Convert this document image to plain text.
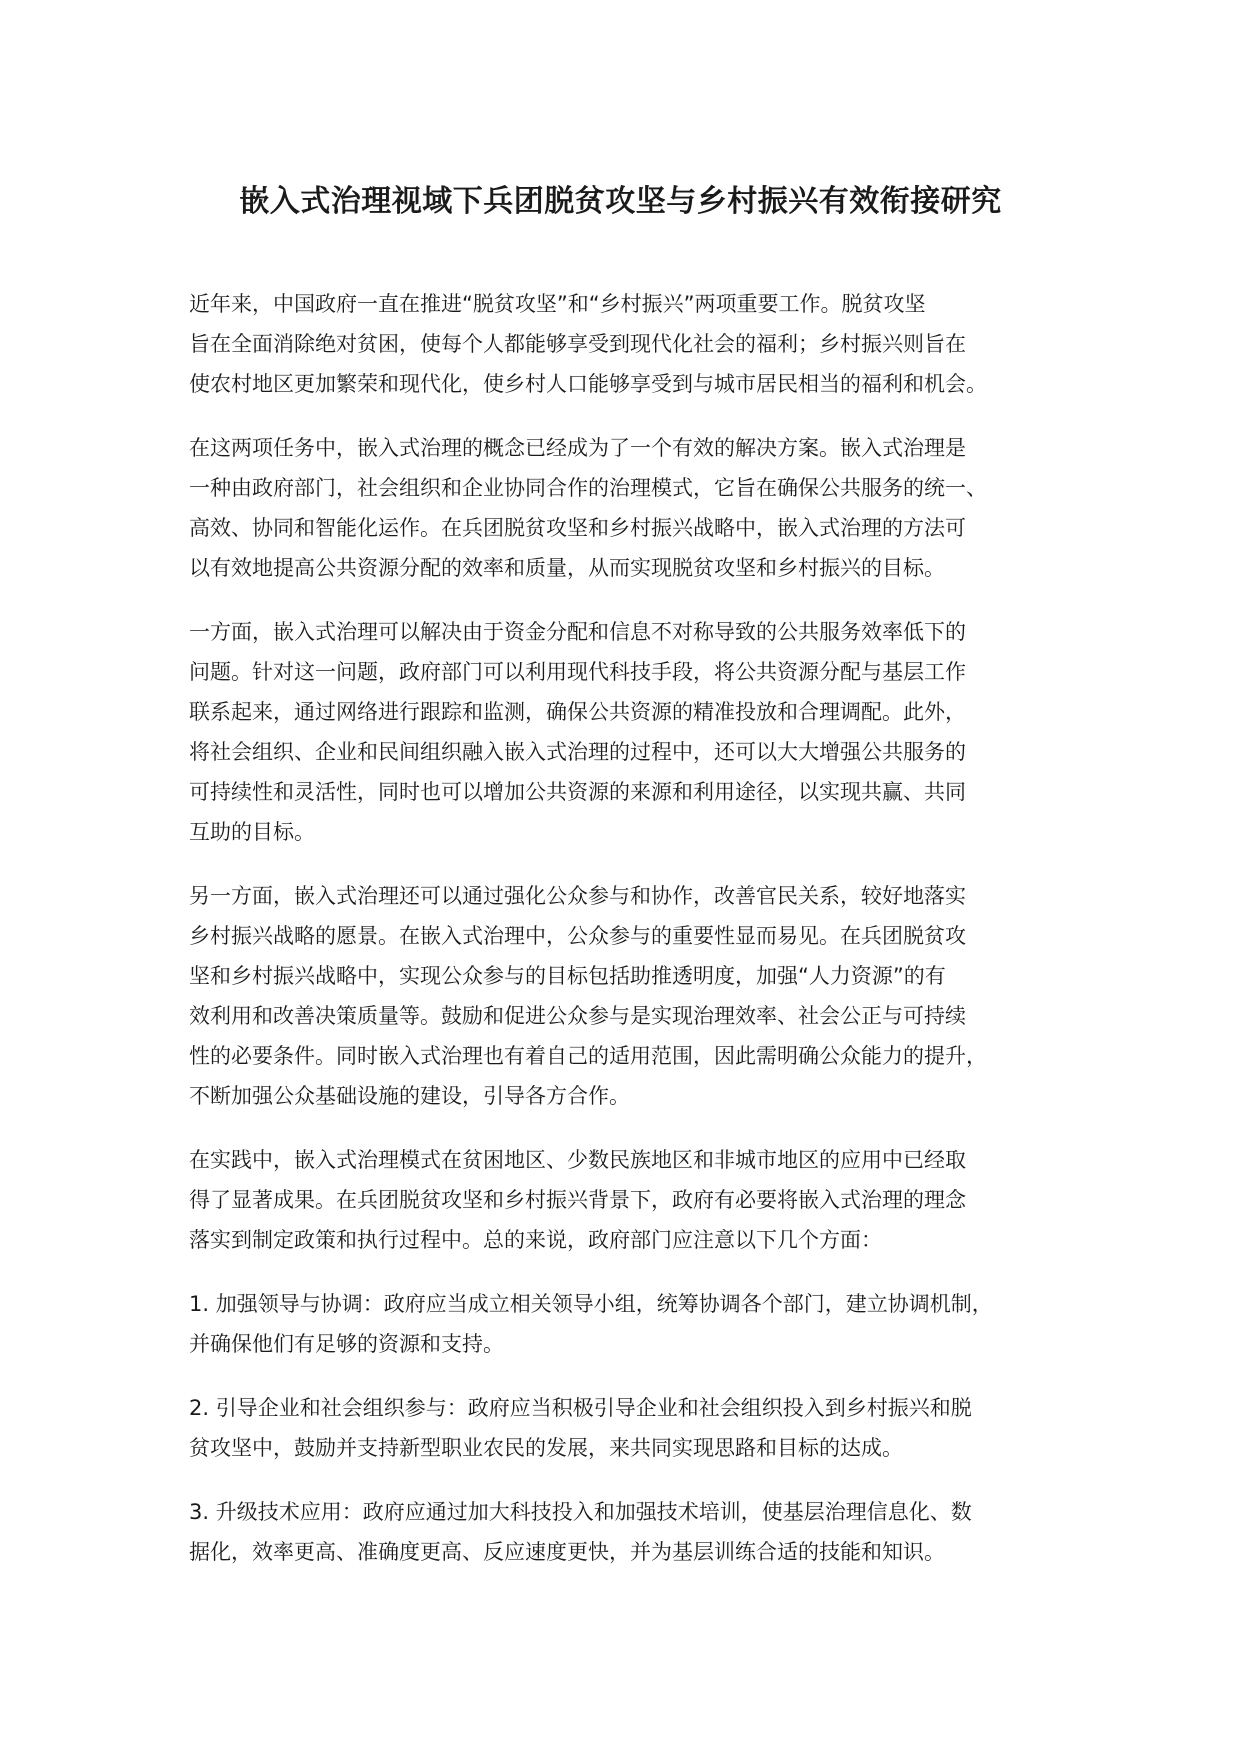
嵌入式治理视域下兵团脱贫攻坚与乡村振兴有效衔接研究
近年来，中国政府一直在推进“脱贫攻坚”和“乡村振兴”两项重要工作。脱贫攻坚
旨在全面消除绝对贫困，使每个人都能够享受到现代化社会的福利；乡村振兴则旨在
使农村地区更加繁荣和现代化，使乡村人口能够享受到与城市居民相当的福利和机会。
在这两项任务中，嵌入式治理的概念已经成为了一个有效的解决方案。嵌入式治理是
一种由政府部门，社会组织和企业协同合作的治理模式，它旨在确保公共服务的统一、
高效、协同和智能化运作。在兵团脱贫攻坚和乡村振兴战略中，嵌入式治理的方法可
以有效地提高公共资源分配的效率和质量，从而实现脱贫攻坚和乡村振兴的目标。
一方面，嵌入式治理可以解决由于资金分配和信息不对称导致的公共服务效率低下的
问题。针对这一问题，政府部门可以利用现代科技手段，将公共资源分配与基层工作
联系起来，通过网络进行跟踪和监测，确保公共资源的精准投放和合理调配。此外，
将社会组织、企业和民间组织融入嵌入式治理的过程中，还可以大大增强公共服务的
可持续性和灵活性，同时也可以增加公共资源的来源和利用途径，以实现共赢、共同
互助的目标。
另一方面，嵌入式治理还可以通过强化公众参与和协作，改善官民关系，较好地落实
乡村振兴战略的愿景。在嵌入式治理中，公众参与的重要性显而易见。在兵团脱贫攻
坚和乡村振兴战略中，实现公众参与的目标包括助推透明度，加强“人力资源”的有
效利用和改善决策质量等。鼓励和促进公众参与是实现治理效率、社会公正与可持续
性的必要条件。同时嵌入式治理也有着自己的适用范围，因此需明确公众能力的提升，
不断加强公众基础设施的建设，引导各方合作。
在实践中，嵌入式治理模式在贫困地区、少数民族地区和非城市地区的应用中已经取
得了显著成果。在兵团脱贫攻坚和乡村振兴背景下，政府有必要将嵌入式治理的理念
落实到制定政策和执行过程中。总的来说，政府部门应注意以下几个方面：
1. 加强领导与协调：政府应当成立相关领导小组，统筹协调各个部门，建立协调机制，
并确保他们有足够的资源和支持。
2. 引导企业和社会组织参与：政府应当积极引导企业和社会组织投入到乡村振兴和脱
贫攻坚中，鼓励并支持新型职业农民的发展，来共同实现思路和目标的达成。
3. 升级技术应用：政府应通过加大科技投入和加强技术培训，使基层治理信息化、数
据化，效率更高、准确度更高、反应速度更快，并为基层训练合适的技能和知识。
